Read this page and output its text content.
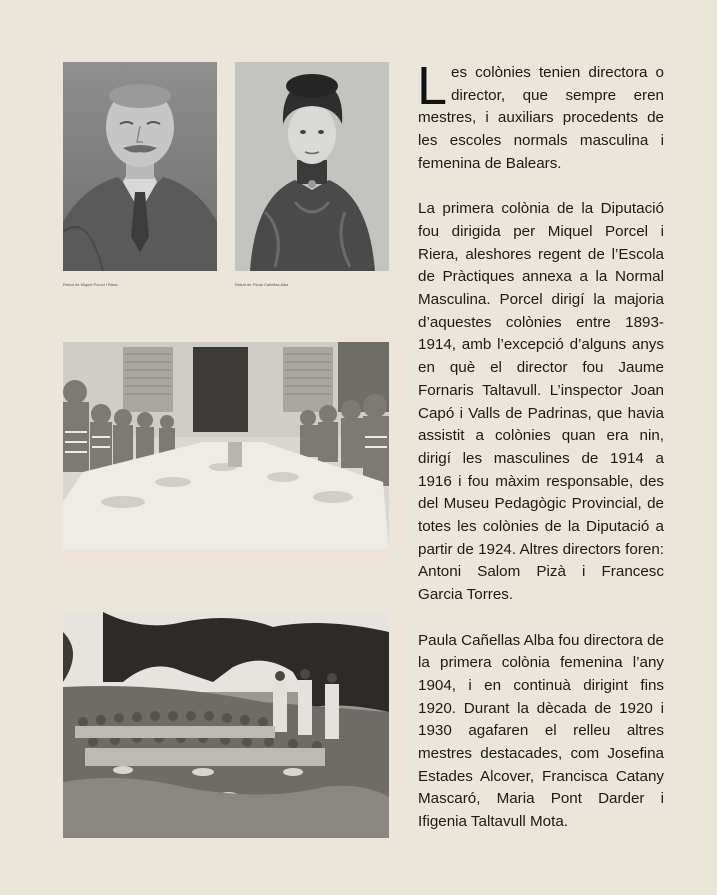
Retrat de Miquel Porcel i Riera	Retrat de Paula Cañellas Alba

Les colònies tenien directora o director, que sempre eren mestres, i auxiliars procedents de les escoles normals masculina i femenina de Balears.

La primera colònia de la Diputació fou dirigida per Miquel Porcel i Riera, aleshores regent de l’Escola de Pràctiques annexa a la Normal Masculina. Porcel dirigí la majoria d’aquestes colònies entre 1893-1914, amb l’excepció d’alguns anys en què el director fou Jaume Fornaris Taltavull. L’inspector Joan Capó i Valls de Padrinas, que havia assistit a colònies quan era nin, dirigí les masculines de 1914 a 1916 i fou màxim responsable, des del Museu Pedagògic Provincial, de totes les colònies de la Diputació a partir de 1924. Altres directors foren: Antoni Salom Pizà i Francesc Garcia Torres.

Paula Cañellas Alba fou directora de la primera colònia femenina l’any 1904, i en continuà dirigint fins 1920. Durant la dècada de 1920 i 1930 agafaren el relleu altres mestres destacades, com Josefina Estades Alcover, Francisca Catany Mascaró, Maria Pont Darder i Ifigenia Taltavull Mota.
